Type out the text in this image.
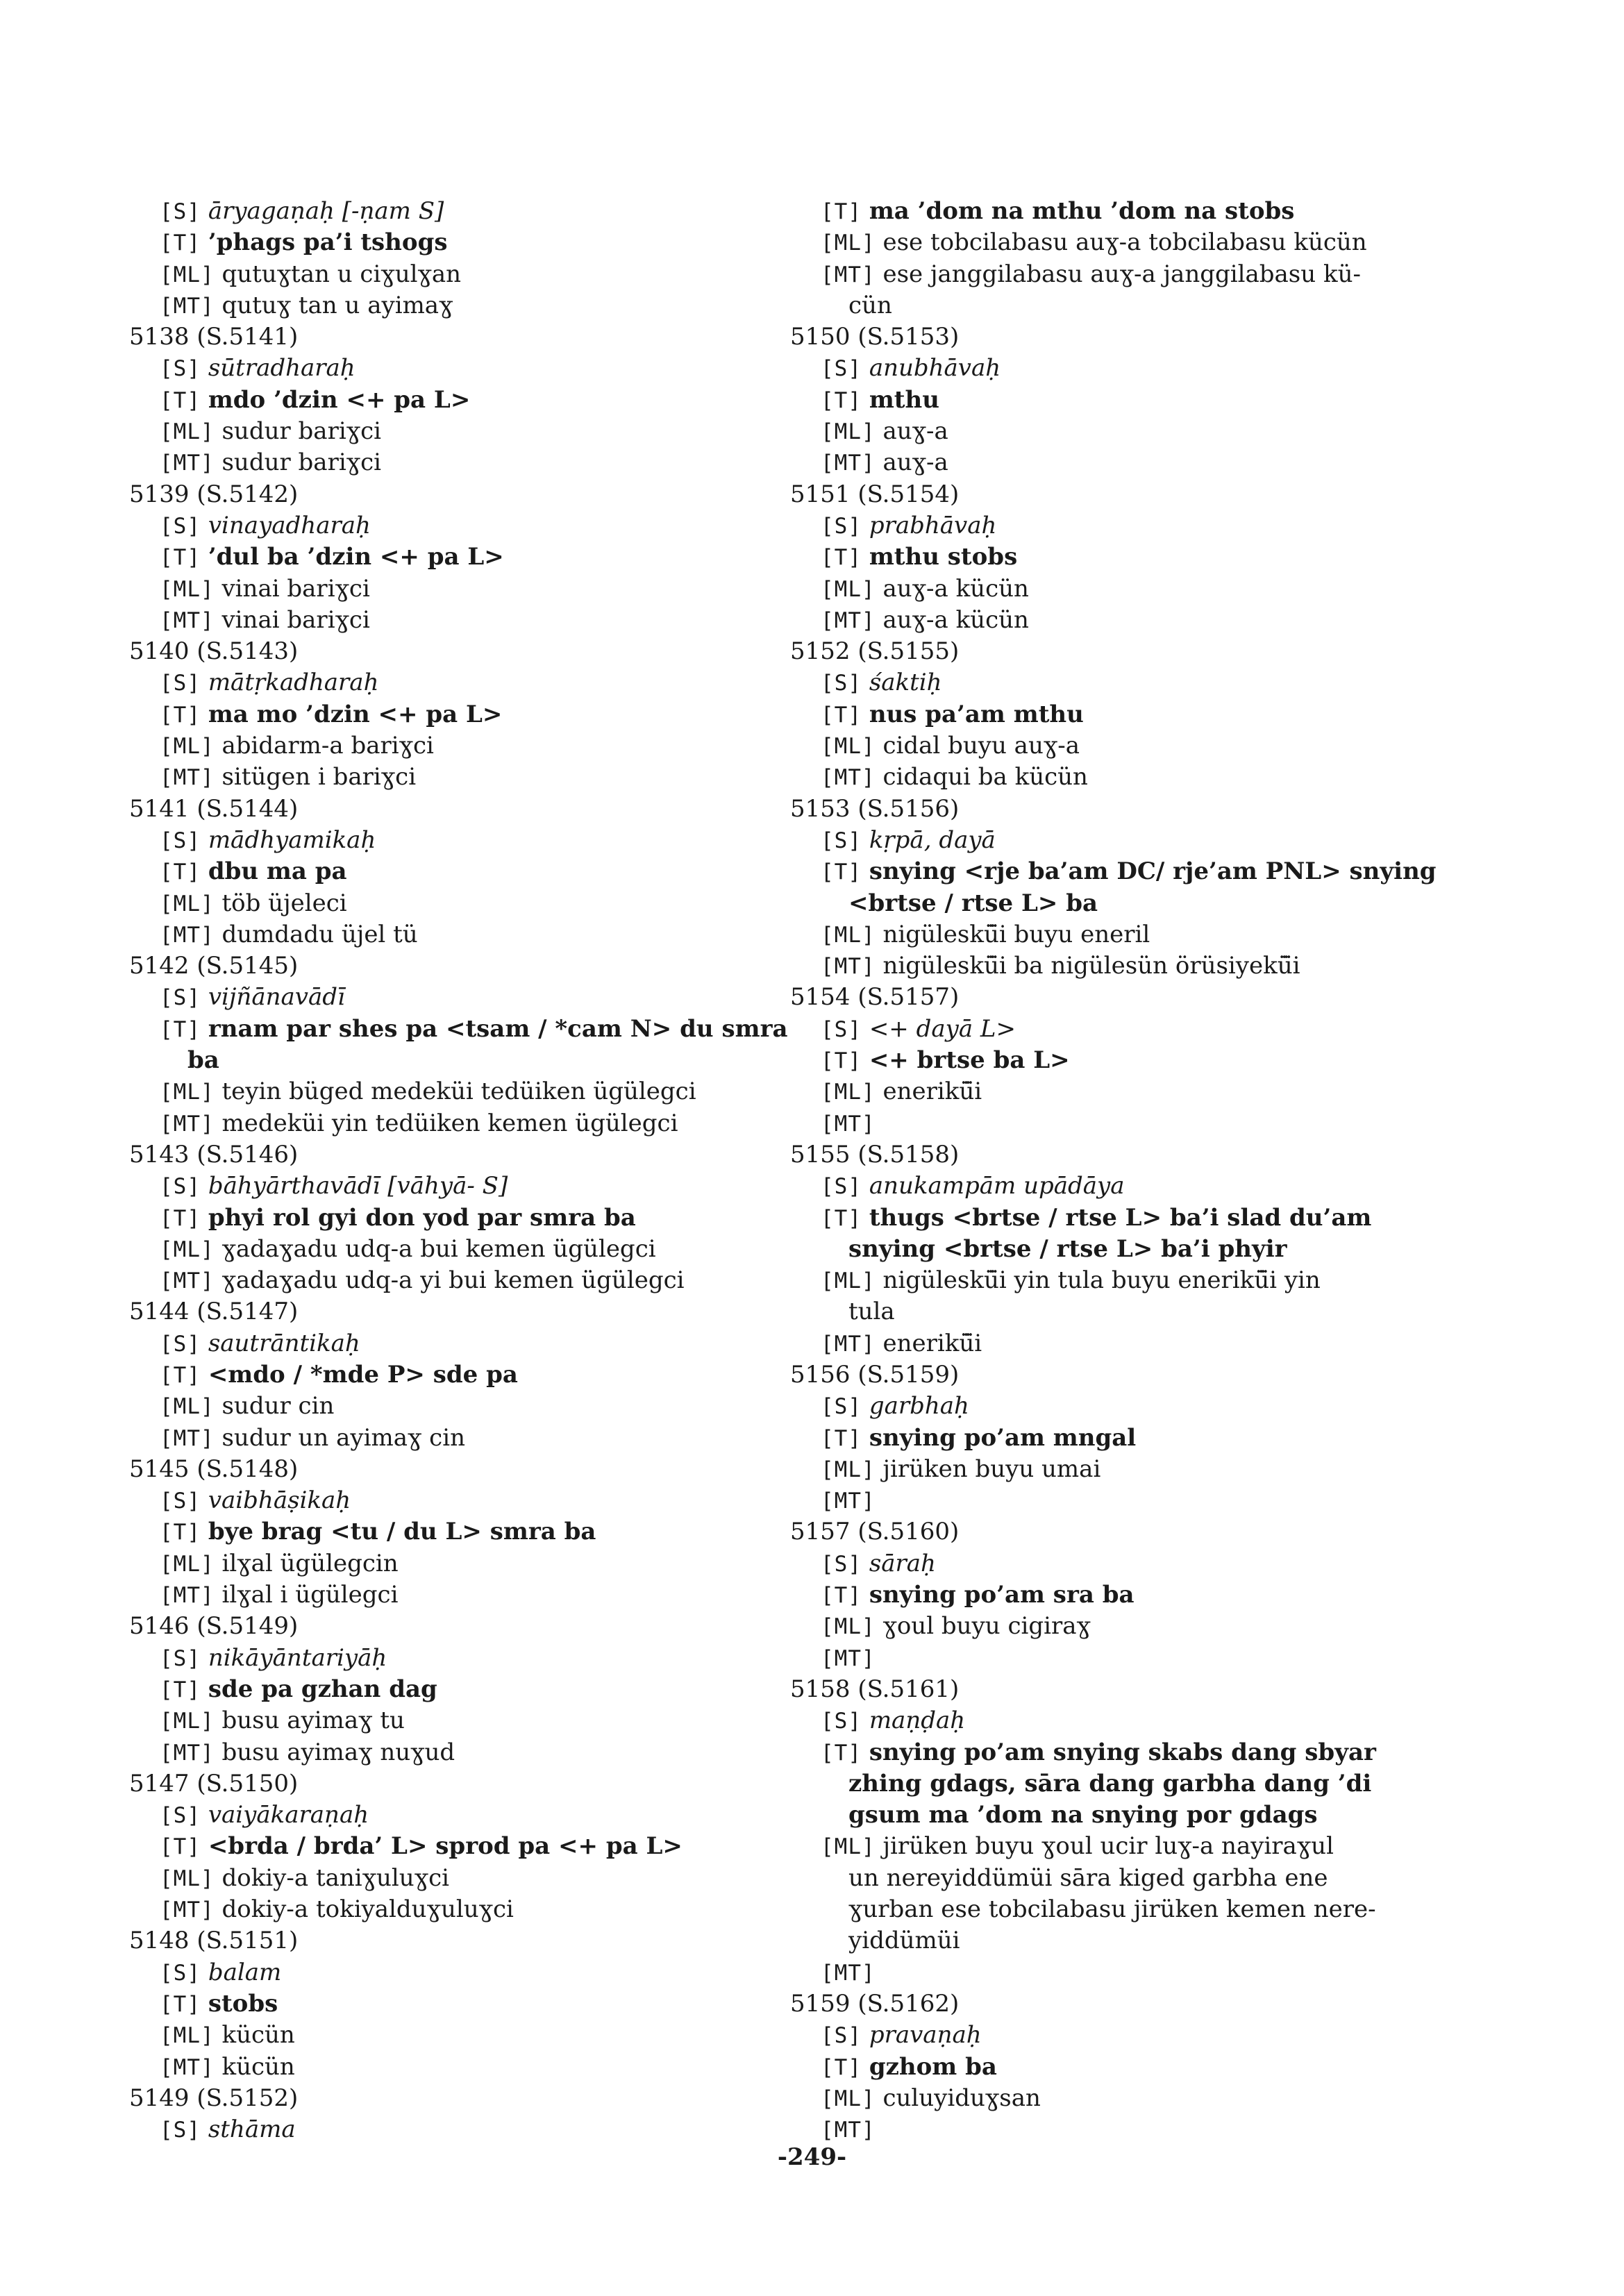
[S] āryagaṇaḥ [-ṇam S]
[T] ’phags pa’i tshogs
[ML] qutuɣtan u ciɣulɣan
[MT] qutuɣ tan u ayimaɣ
5138 (S.5141)
[S] sūtradharaḥ
[T] mdo ’dzin <+ pa L>
[ML] sudur bariɣci
[MT] sudur bariɣci
5139 (S.5142)
[S] vinayadharaḥ
[T] ’dul ba ’dzin <+ pa L>
[ML] vinai bariɣci
[MT] vinai bariɣci
5140 (S.5143)
[S] mātṛkadharaḥ
[T] ma mo ’dzin <+ pa L>
[ML] abidarm-a bariɣci
[MT] sitügen i bariɣci
5141 (S.5144)
[S] mādhyamikaḥ
[T] dbu ma pa
[ML] töb üjeleci
[MT] dumdadu üjel tü
5142 (S.5145)
[S] vijñānavādī
[T] rnam par shes pa <tsam / *cam N> du smra
ba
[ML] teyin büged medeküi tedüiken ügülegci
[MT] medeküi yin tedüiken kemen ügülegci
5143 (S.5146)
[S] bāhyārthavādī [vāhyā- S]
[T] phyi rol gyi don yod par smra ba
[ML] ɣadaɣadu udq-a bui kemen ügülegci
[MT] ɣadaɣadu udq-a yi bui kemen ügülegci
5144 (S.5147)
[S] sautrāntikaḥ
[T] <mdo / *mde P> sde pa
[ML] sudur cin
[MT] sudur un ayimaɣ cin
5145 (S.5148)
[S] vaibhāṣikaḥ
[T] bye brag <tu / du L> smra ba
[ML] ilɣal ügülegcin
[MT] ilɣal i ügülegci
5146 (S.5149)
[S] nikāyāntariyāḥ
[T] sde pa gzhan dag
[ML] busu ayimaɣ tu
[MT] busu ayimaɣ nuɣud
5147 (S.5150)
[S] vaiyākaraṇaḥ
[T] <brda / brda’ L> sprod pa <+ pa L>
[ML] dokiy-a taniɣuluɣci
[MT] dokiy-a tokiyalduɣuluɣci
5148 (S.5151)
[S] balam
[T] stobs
[ML] kücün
[MT] kücün
5149 (S.5152)
[S] sthāma
[T] ma ’dom na mthu ’dom na stobs
[ML] ese tobcilabasu auɣ-a tobcilabasu kücün
[MT] ese janggilabasu auɣ-a janggilabasu kü-
cün
5150 (S.5153)
[S] anubhāvaḥ
[T] mthu
[ML] auɣ-a
[MT] auɣ-a
5151 (S.5154)
[S] prabhāvaḥ
[T] mthu stobs
[ML] auɣ-a kücün
[MT] auɣ-a kücün
5152 (S.5155)
[S] śaktiḥ
[T] nus pa’am mthu
[ML] cidal buyu auɣ-a
[MT] cidaqui ba kücün
5153 (S.5156)
[S] kṛpā, dayā
[T] snying <rje ba’am DC/ rje’am PNL> snying
<brtse / rtse L> ba
[ML] nigüleskü̈i buyu eneril
[MT] nigüleskü̈i ba nigülesün örüsiyekü̈i
5154 (S.5157)
[S] <+ dayā L>
[T] <+ brtse ba L>
[ML] enerikü̈i
[MT]
5155 (S.5158)
[S] anukampām upādāya
[T] thugs <brtse / rtse L> ba’i slad du’am
snying <brtse / rtse L> ba’i phyir
[ML] nigüleskü̈i yin tula buyu enerikü̈i yin
tula
[MT] enerikü̈i
5156 (S.5159)
[S] garbhaḥ
[T] snying po’am mngal
[ML] jirüken buyu umai
[MT]
5157 (S.5160)
[S] sāraḥ
[T] snying po’am sra ba
[ML] ɣoul buyu cigiraɣ
[MT]
5158 (S.5161)
[S] maṇḍaḥ
[T] snying po’am snying skabs dang sbyar
zhing gdags, sāra dang garbha dang ’di
gsum ma ’dom na snying por gdags
[ML] jirüken buyu ɣoul ucir luɣ-a nayiraɣul
un nereyiddümüi sāra kiged garbha ene
ɣurban ese tobcilabasu jirüken kemen nere-
yiddümüi
[MT]
5159 (S.5162)
[S] pravaṇaḥ
[T] gzhom ba
[ML] culuyiduɣsan
[MT]
-249-
